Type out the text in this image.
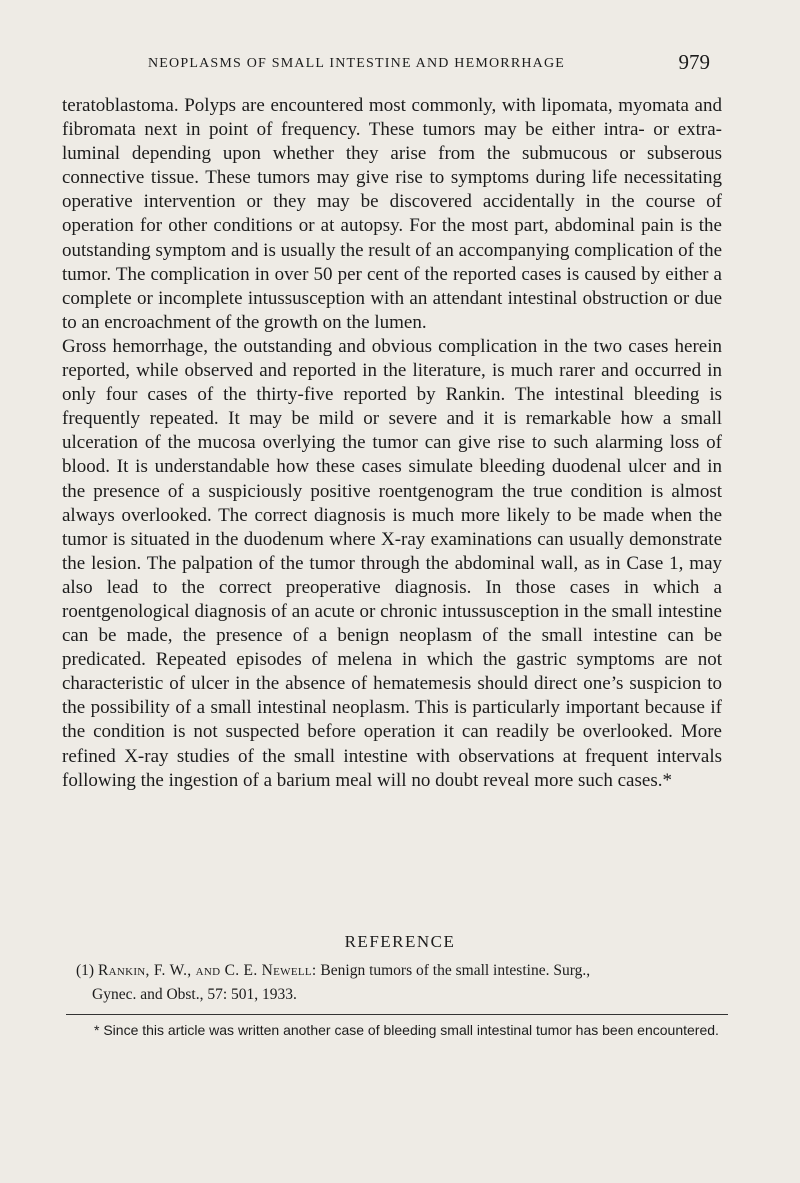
NEOPLASMS OF SMALL INTESTINE AND HEMORRHAGE	979

teratoblastoma. Polyps are encountered most commonly, with lipomata, myomata and fibromata next in point of frequency. These tumors may be either intra- or extra-luminal depending upon whether they arise from the submucous or subserous connective tissue. These tumors may give rise to symptoms during life necessitating operative intervention or they may be discovered accidentally in the course of operation for other conditions or at autopsy. For the most part, abdominal pain is the outstanding symptom and is usually the result of an accompanying complication of the tumor. The complication in over 50 per cent of the reported cases is caused by either a complete or incomplete intussusception with an attendant intestinal obstruction or due to an encroachment of the growth on the lumen.

Gross hemorrhage, the outstanding and obvious complication in the two cases herein reported, while observed and reported in the literature, is much rarer and occurred in only four cases of the thirty-five reported by Rankin. The intestinal bleeding is frequently repeated. It may be mild or severe and it is remarkable how a small ulceration of the mucosa overlying the tumor can give rise to such alarming loss of blood. It is understandable how these cases simulate bleeding duodenal ulcer and in the presence of a suspiciously positive roentgenogram the true condition is almost always overlooked. The correct diagnosis is much more likely to be made when the tumor is situated in the duodenum where X-ray examinations can usually demonstrate the lesion. The palpation of the tumor through the abdominal wall, as in Case 1, may also lead to the correct preoperative diagnosis. In those cases in which a roentgenological diagnosis of an acute or chronic intussusception in the small intestine can be made, the presence of a benign neoplasm of the small intestine can be predicated. Repeated episodes of melena in which the gastric symptoms are not characteristic of ulcer in the absence of hematemesis should direct one’s suspicion to the possibility of a small intestinal neoplasm. This is particularly important because if the condition is not suspected before operation it can readily be overlooked. More refined X-ray studies of the small intestine with observations at frequent intervals following the ingestion of a barium meal will no doubt reveal more such cases.*

REFERENCE
(1) Rankin, F. W., and C. E. Newell: Benign tumors of the small intestine. Surg.,
Gynec. and Obst., 57: 501, 1933.
* Since this article was written another case of bleeding small intestinal tumor has been encountered.
